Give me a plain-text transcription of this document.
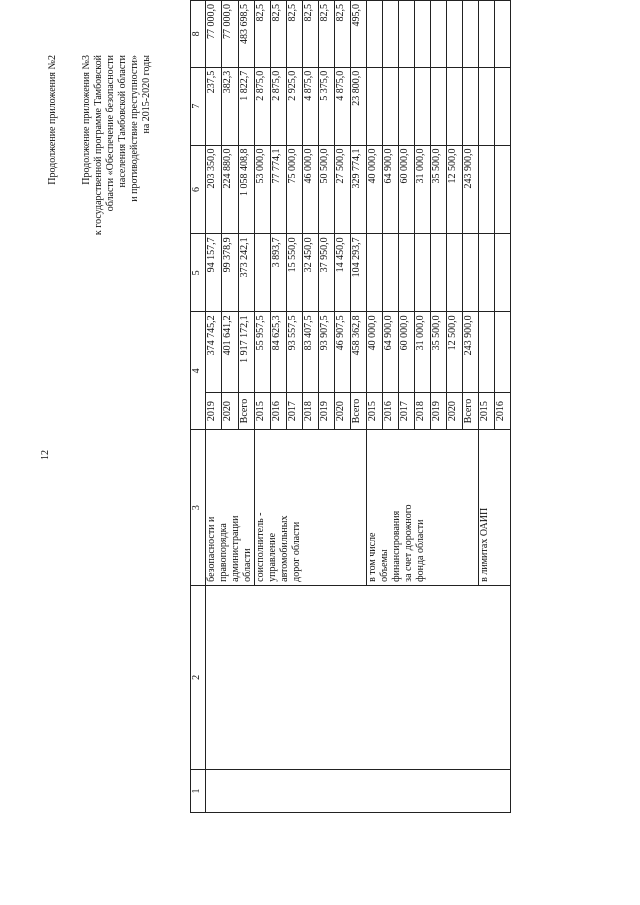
12
Продолжение приложения №2 Продолжение приложения №3 к государственной программе Тамбовской области «Обеспечение безопасности населения Тамбовской области и противодействие преступности» на 2015-2020 годы
1	2	3	4		5	6	7	8

		безопасности и правопорядка администрации области	2019	374 745,2	94 157,7	203 350,0	237,5	77 000,0
			2020	401 641,2	99 378,9	224 880,0	382,3	77 000,0
			Всего	1 917 172,1	373 242,1	1 058 408,8	1 822,7	483 698,5

		соисполнитель - управление автомобильных дорог области	2015	55 957,5		53 000,0	2 875,0	82,5
			2016	84 625,3	3 893,7	77 774,1	2 875,0	82,5
			2017	93 557,5	15 550,0	75 000,0	2 925,0	82,5
			2018	83 407,5	32 450,0	46 000,0	4 875,0	82,5
			2019	93 907,5	37 950,0	50 500,0	5 375,0	82,5
			2020	46 907,5	14 450,0	27 500,0	4 875,0	82,5
			Всего	458 362,8	104 293,7	329 774,1	23 800,0	495,0

		в том числе объемы финансирования за счет дорожного фонда области	2015	40 000,0		40 000,0		
			2016	64 900,0		64 900,0		
			2017	60 000,0		60 000,0		
			2018	31 000,0		31 000,0		
			2019	35 500,0		35 500,0		
			2020	12 500,0		12 500,0		
			Всего	243 900,0		243 900,0		

		в лимитах ОАИП	2015					
			2016					
